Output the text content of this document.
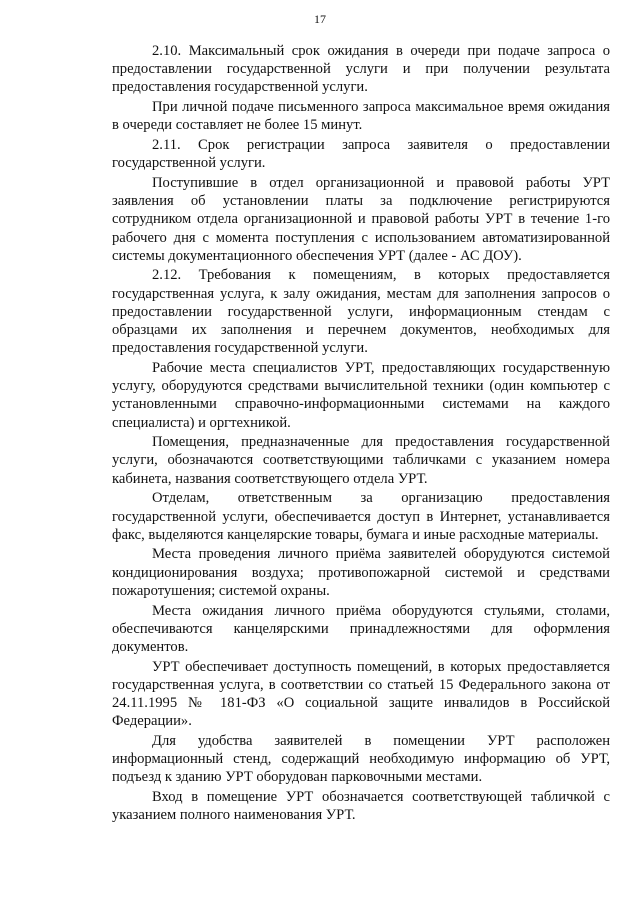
17

2.10. Максимальный срок ожидания в очереди при подаче запроса о предоставлении государственной услуги и при получении результата предоставления государственной услуги.

При личной подаче письменного запроса максимальное время ожидания в очереди составляет не более 15 минут.

2.11. Срок регистрации запроса заявителя о предоставлении государственной услуги.

Поступившие в отдел организационной и правовой работы УРТ заявления об установлении платы за подключение регистрируются сотрудником отдела организационной и правовой работы УРТ в течение 1-го рабочего дня с момента поступления с использованием автоматизированной системы документационного обеспечения УРТ (далее - АС ДОУ).

2.12. Требования к помещениям, в которых предоставляется государственная услуга, к залу ожидания, местам для заполнения запросов о предоставлении государственной услуги, информационным стендам с образцами их заполнения и перечнем документов, необходимых для предоставления государственной услуги.

Рабочие места специалистов УРТ, предоставляющих государственную услугу, оборудуются средствами вычислительной техники (один компьютер с установленными справочно-информационными системами на каждого специалиста) и оргтехникой.

Помещения, предназначенные для предоставления государственной услуги, обозначаются соответствующими табличками с указанием номера кабинета, названия соответствующего отдела УРТ.

Отделам, ответственным за организацию предоставления государственной услуги, обеспечивается доступ в Интернет, устанавливается факс, выделяются канцелярские товары, бумага и иные расходные материалы.

Места проведения личного приёма заявителей оборудуются системой кондиционирования воздуха; противопожарной системой и средствами пожаротушения; системой охраны.

Места ожидания личного приёма оборудуются стульями, столами, обеспечиваются канцелярскими принадлежностями для оформления документов.

УРТ обеспечивает доступность помещений, в которых предоставляется государственная услуга, в соответствии со статьей 15 Федерального закона от 24.11.1995 № 181-ФЗ «О социальной защите инвалидов в Российской Федерации».

Для удобства заявителей в помещении УРТ расположен информационный стенд, содержащий необходимую информацию об УРТ, подъезд к зданию УРТ оборудован парковочными местами.

Вход в помещение УРТ обозначается соответствующей табличкой с указанием полного наименования УРТ.
